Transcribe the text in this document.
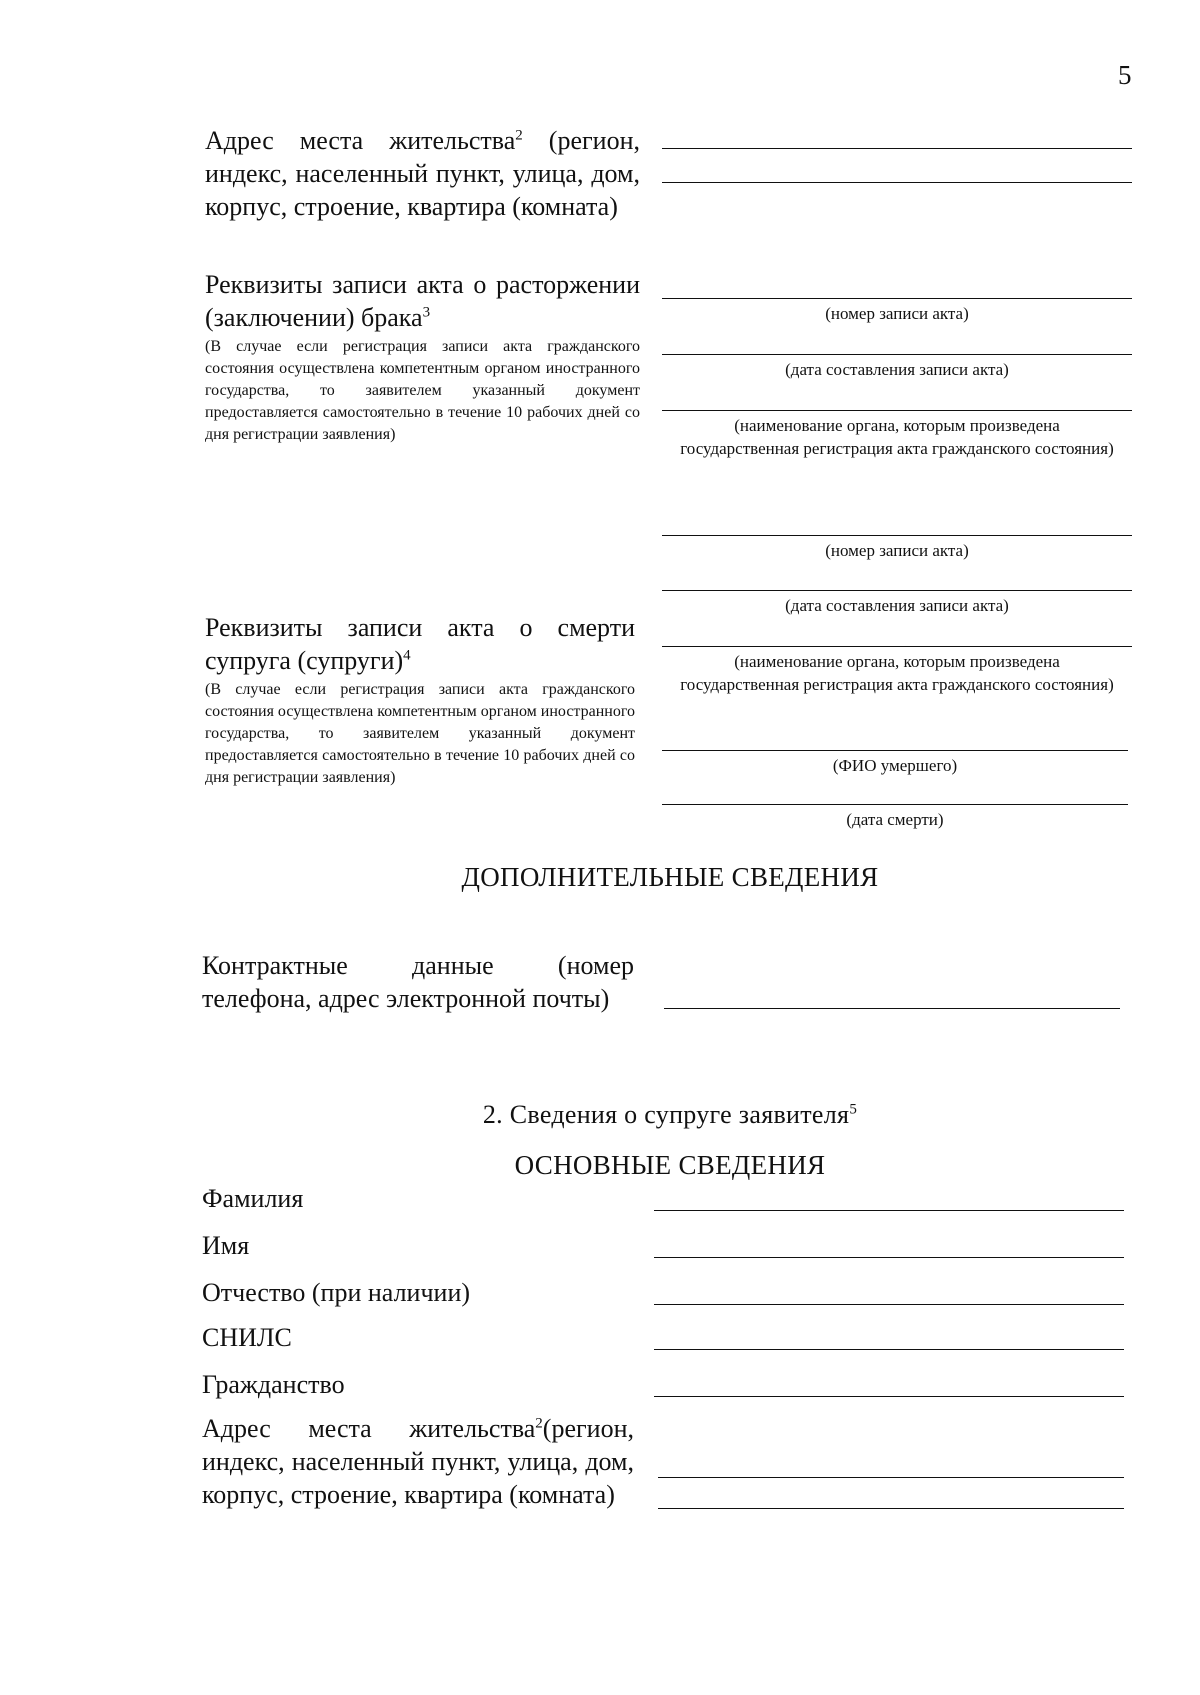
5
Адрес места жительства$^2$ (регион, индекс, населенный пункт, улица, дом, корпус, строение, квартира (комната)
Реквизиты записи акта о расторжении (заключении) брака$^3$
(В случае если регистрация записи акта гражданского состояния осуществлена компетентным органом иностранного государства, то заявителем указанный документ предоставляется самостоятельно в течение 10 рабочих дней со дня регистрации заявления)
(номер записи акта)
(дата составления записи акта)
(наименование органа, которым произведена государственная регистрация акта гражданского состояния)
(номер записи акта)
(дата составления записи акта)
(наименование органа, которым произведена государственная регистрация акта гражданского состояния)
(ФИО умершего)
(дата смерти)
Реквизиты записи акта о смерти супруга (супруги)$^4$
(В случае если регистрация записи акта гражданского состояния осуществлена компетентным органом иностранного государства, то заявителем указанный документ предоставляется самостоятельно в течение 10 рабочих дней со дня регистрации заявления)
ДОПОЛНИТЕЛЬНЫЕ СВЕДЕНИЯ
Контрактные данные (номер телефона, адрес электронной почты)
2. Сведения о супруге заявителя$^5$
ОСНОВНЫЕ СВЕДЕНИЯ
Фамилия
Имя
Отчество (при наличии)
СНИЛС
Гражданство
Адрес места жительства$^2$(регион, индекс, населенный пункт, улица, дом, корпус, строение, квартира (комната)
